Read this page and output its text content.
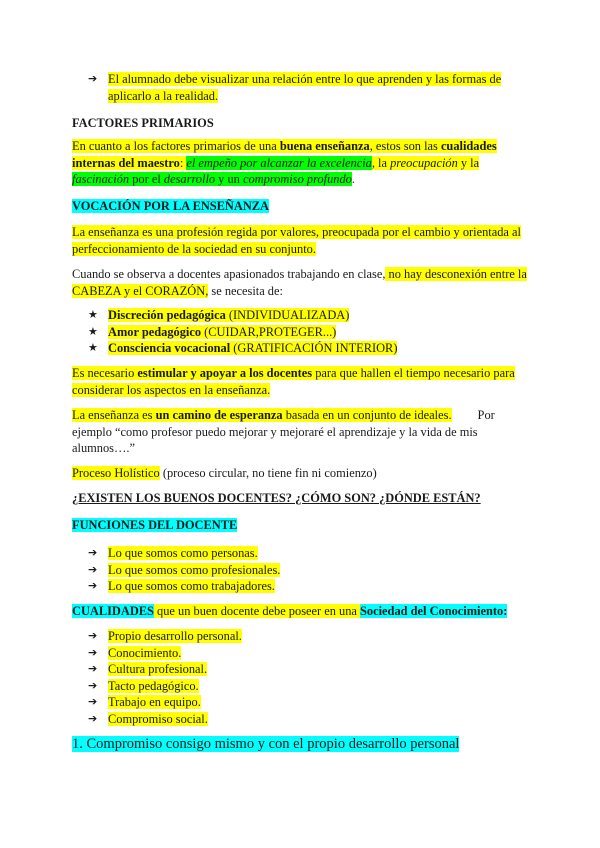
➔ El alumnado debe visualizar una relación entre lo que aprenden y las formas de aplicarlo a la realidad.
FACTORES PRIMARIOS
En cuanto a los factores primarios de una buena enseñanza, estos son las cualidades internas del maestro: el empeño por alcanzar la excelencia, la preocupación y la fascinación por el desarrollo y un compromiso profundo.
VOCACIÓN POR LA ENSEÑANZA
La enseñanza es una profesión regida por valores, preocupada por el cambio y orientada al perfeccionamiento de la sociedad en su conjunto.
Cuando se observa a docentes apasionados trabajando en clase, no hay desconexión entre la CABEZA y el CORAZÓN, se necesita de:
★ Discreción pedagógica (INDIVIDUALIZADA)
★ Amor pedagógico (CUIDAR,PROTEGER...)
★ Consciencia vocacional (GRATIFICACIÓN INTERIOR)
Es necesario estimular y apoyar a los docentes para que hallen el tiempo necesario para considerar los aspectos en la enseñanza.
La enseñanza es un camino de esperanza basada en un conjunto de ideales. Por ejemplo “como profesor puedo mejorar y mejoraré el aprendizaje y la vida de mis alumnos….”
Proceso Holístico (proceso circular, no tiene fin ni comienzo)
¿EXISTEN LOS BUENOS DOCENTES? ¿CÓMO SON? ¿DÓNDE ESTÁN?
FUNCIONES DEL DOCENTE
➔ Lo que somos como personas.
➔ Lo que somos como profesionales.
➔ Lo que somos como trabajadores.
CUALIDADES que un buen docente debe poseer en una Sociedad del Conocimiento:
➔ Propio desarrollo personal.
➔ Conocimiento.
➔ Cultura profesional.
➔ Tacto pedagógico.
➔ Trabajo en equipo.
➔ Compromiso social.
1. Compromiso consigo mismo y con el propio desarrollo personal
